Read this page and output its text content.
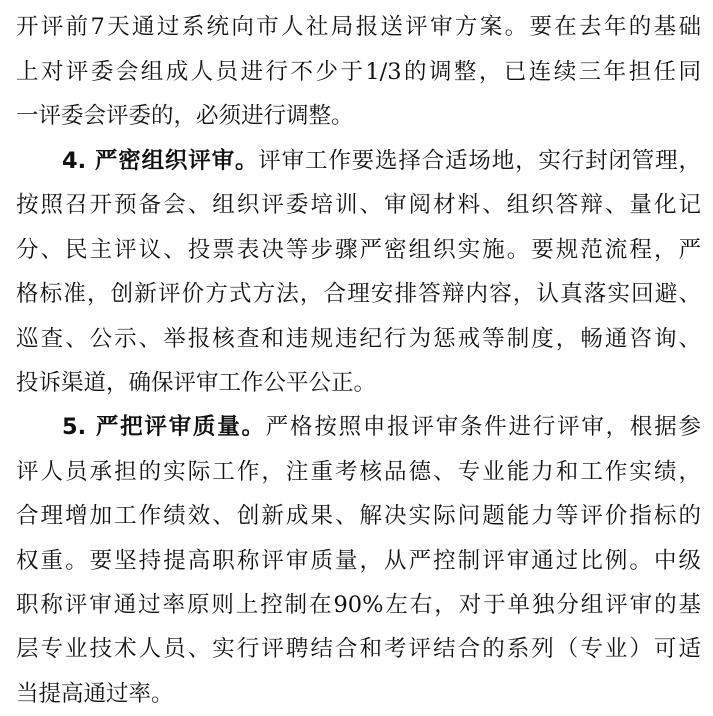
开评前7天通过系统向市人社局报送评审方案。要在去年的基础
上对评委会组成人员进行不少于1/3的调整，已连续三年担任同
一评委会评委的，必须进行调整。
4. 严密组织评审。评审工作要选择合适场地，实行封闭管理，
按照召开预备会、组织评委培训、审阅材料、组织答辩、量化记
分、民主评议、投票表决等步骤严密组织实施。要规范流程，严
格标准，创新评价方式方法，合理安排答辩内容，认真落实回避、
巡查、公示、举报核查和违规违纪行为惩戒等制度，畅通咨询、
投诉渠道，确保评审工作公平公正。
5. 严把评审质量。严格按照申报评审条件进行评审，根据参
评人员承担的实际工作，注重考核品德、专业能力和工作实绩，
合理增加工作绩效、创新成果、解决实际问题能力等评价指标的
权重。要坚持提高职称评审质量，从严控制评审通过比例。中级
职称评审通过率原则上控制在90%左右，对于单独分组评审的基
层专业技术人员、实行评聘结合和考评结合的系列（专业）可适
当提高通过率。
